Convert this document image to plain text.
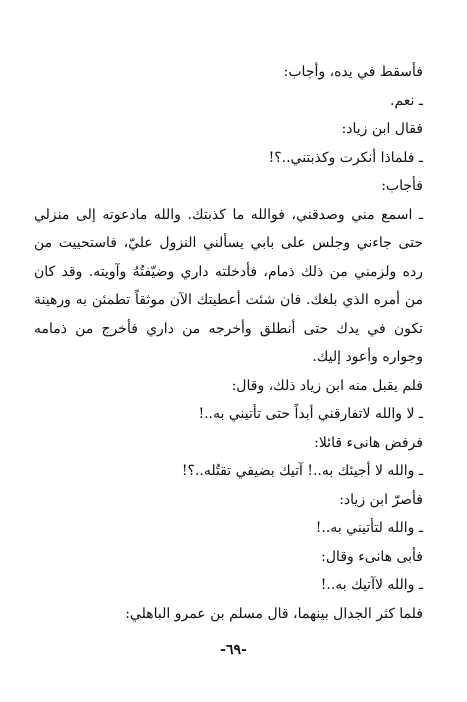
فأسقط في يده، وأجاب:
ـ نعم.
فقال ابن زياد:
ـ فلماذا أنكرت وكذبتني..؟!
فأجاب:
ـ اسمع مني وصدقني، فوالله ما كذبتك. والله مادعوته إلى منزلي
حتى جاءني وجلس على بابي يسألني النزول عليّ، فاستحييت من
رده ولزمني من ذلك ذمام، فأدخلته داري وضيّفتُهُ وآويته. وقد كان
من أمره الذي بلغك. فان شئت أعطيتك الآن موثقاً تطمئن به ورهينة
تكون في يدك حتى أنطلق وأخرجه من داري فأخرج من ذمامه
وجواره وأعود إليك.
فلم يقبل منه ابن زياد ذلك، وقال:
ـ لا والله لاتفارقني أبداً حتى تأتيني به..!
فرفض هانىء قائلا:
ـ والله لا أجيئك به..! آتيك بضيفي تقتُله..؟!
فأصرّ ابن زياد:
ـ والله لتأتيني به..!
فأبى هانىء وقال:
ـ والله لاآتيك به..!
فلما كثر الجدال بينهما، قال مسلم بن عمرو الباهلي:
-٦٩-
